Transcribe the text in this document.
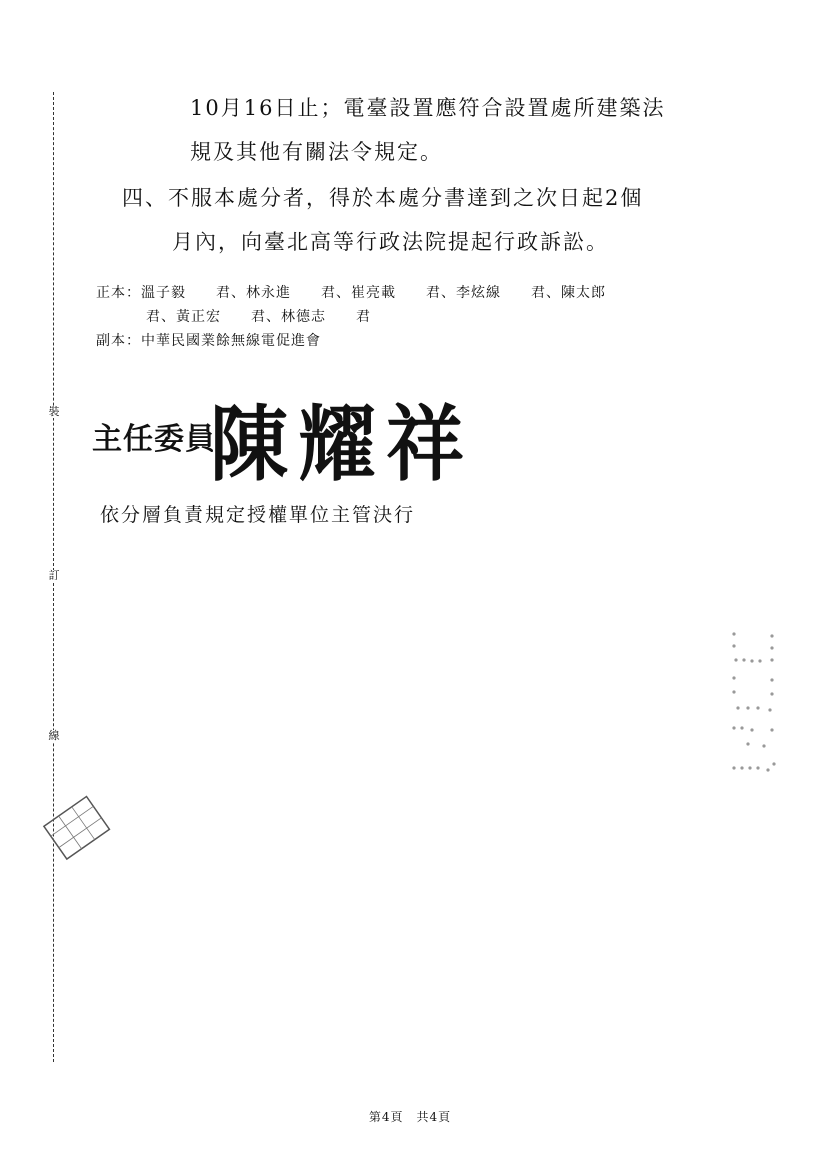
裝
訂
線
10月16日止；電臺設置應符合設置處所建築法
規及其他有關法令規定。
四、不服本處分者，得於本處分書達到之次日起2個
月內，向臺北高等行政法院提起行政訴訟。
正本：溫子毅　　君、林永進　　君、崔亮載　　君、李炫線　　君、陳太郎
君、黃正宏　　君、林德志　　君
副本：中華民國業餘無線電促進會
主任委員
陳耀祥
依分層負責規定授權單位主管決行
第4頁　共4頁
